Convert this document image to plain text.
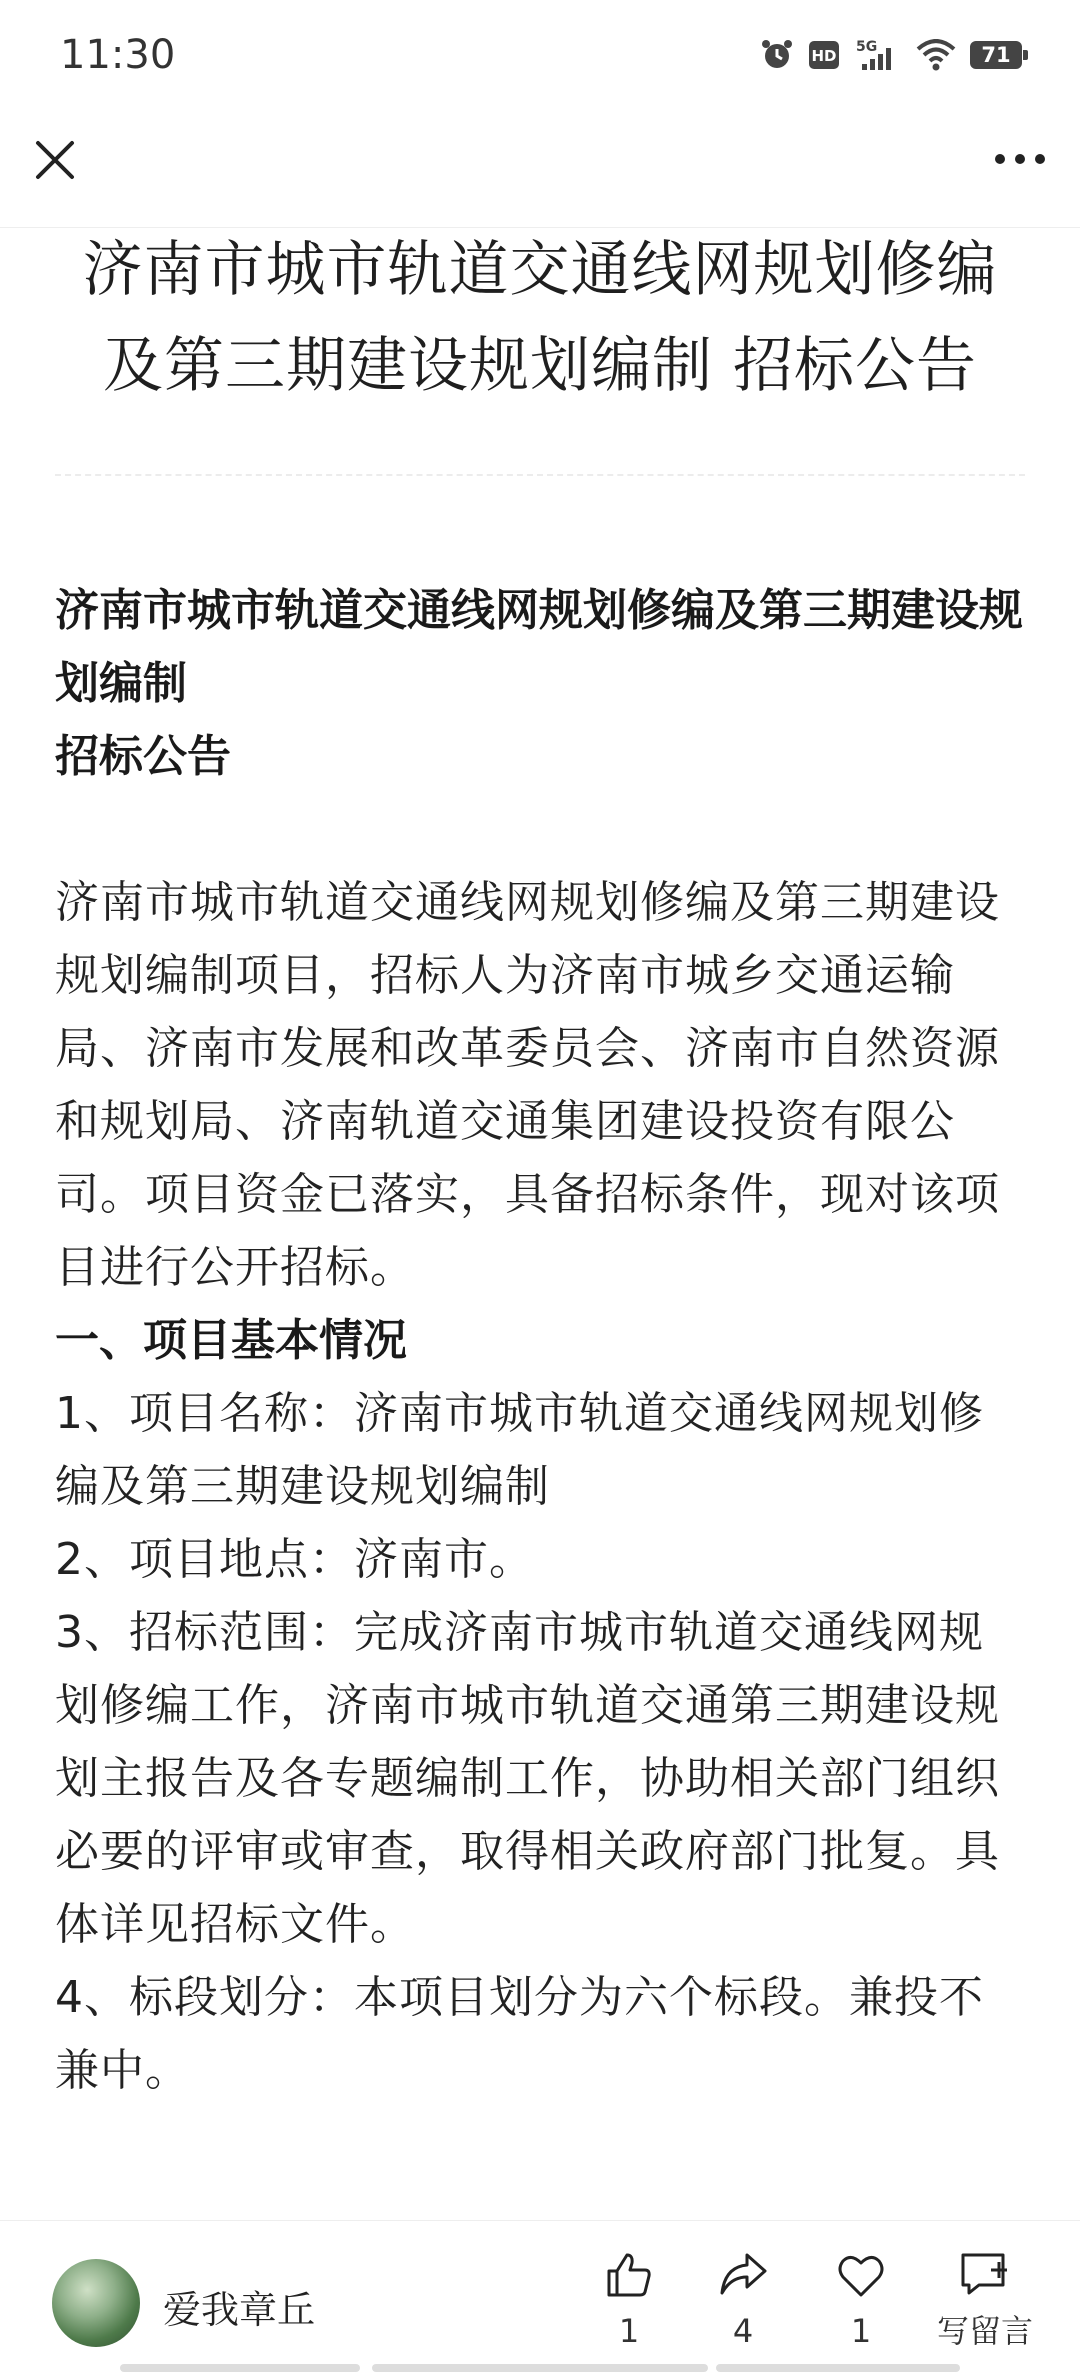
11:30	HD 5G	71
济南市城市轨道交通线网规划修编及第三期建设规划编制 招标公告

济南市城市轨道交通线网规划修编及第三期建设规划编制

招标公告

济南市城市轨道交通线网规划修编及第三期建设规划编制项目，招标人为济南市城乡交通运输局、济南市发展和改革委员会、济南市自然资源和规划局、济南轨道交通集团建设投资有限公司。项目资金已落实，具备招标条件，现对该项目进行公开招标。

一、项目基本情况

1、项目名称：济南市城市轨道交通线网规划修编及第三期建设规划编制

2、项目地点：济南市。

3、招标范围：完成济南市城市轨道交通线网规划修编工作，济南市城市轨道交通第三期建设规划主报告及各专题编制工作，协助相关部门组织必要的评审或审查，取得相关政府部门批复。具体详见招标文件。

4、标段划分：本项目划分为六个标段。兼投不兼中。

爱我章丘	1	4	1	写留言
